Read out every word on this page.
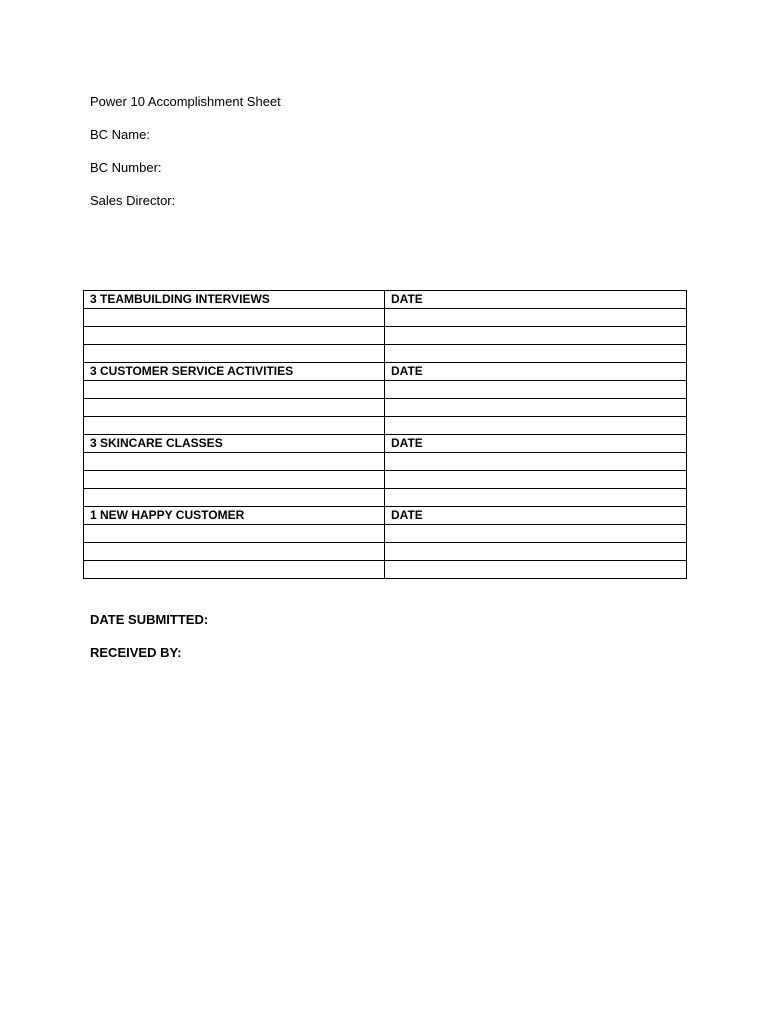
Power 10 Accomplishment Sheet
BC Name:
BC Number:
Sales Director:
3 TEAMBUILDING INTERVIEWS	DATE

3 CUSTOMER SERVICE ACTIVITIES	DATE

3 SKINCARE CLASSES	DATE

1 NEW HAPPY CUSTOMER	DATE

DATE SUBMITTED:
RECEIVED BY:
